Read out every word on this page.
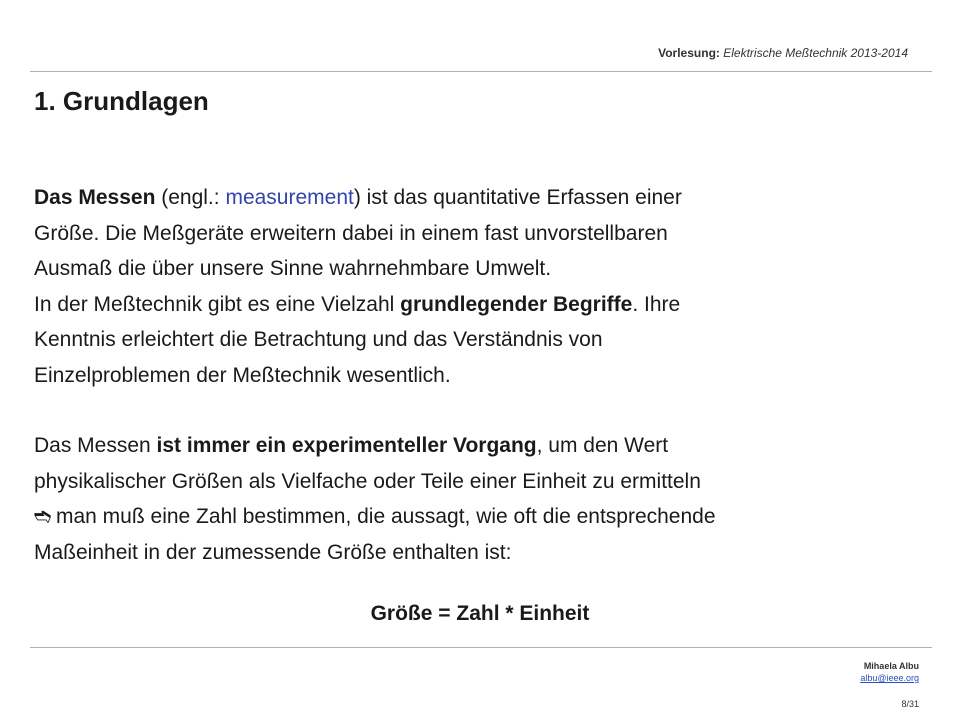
Vorlesung: Elektrische Meßtechnik 2013-2014
1. Grundlagen

Das Messen (engl.: measurement) ist das quantitative Erfassen einer

Größe. Die Meßgeräte erweitern dabei in einem fast unvorstellbaren

Ausmaß die über unsere Sinne wahrnehmbare Umwelt.

In der Meßtechnik gibt es eine Vielzahl grundlegender Begriffe. Ihre

Kenntnis erleichtert die Betrachtung und das Verständnis von

Einzelproblemen der Meßtechnik wesentlich.

Das Messen ist immer ein experimenteller Vorgang, um den Wert

physikalischer Größen als Vielfache oder Teile einer Einheit zu ermitteln

➬ man muß eine Zahl bestimmen, die aussagt, wie oft die entsprechende

Maßeinheit in der zumessende Größe enthalten ist:

Größe = Zahl * Einheit
Mihaela Albu
albu@ieee.org
8/31
